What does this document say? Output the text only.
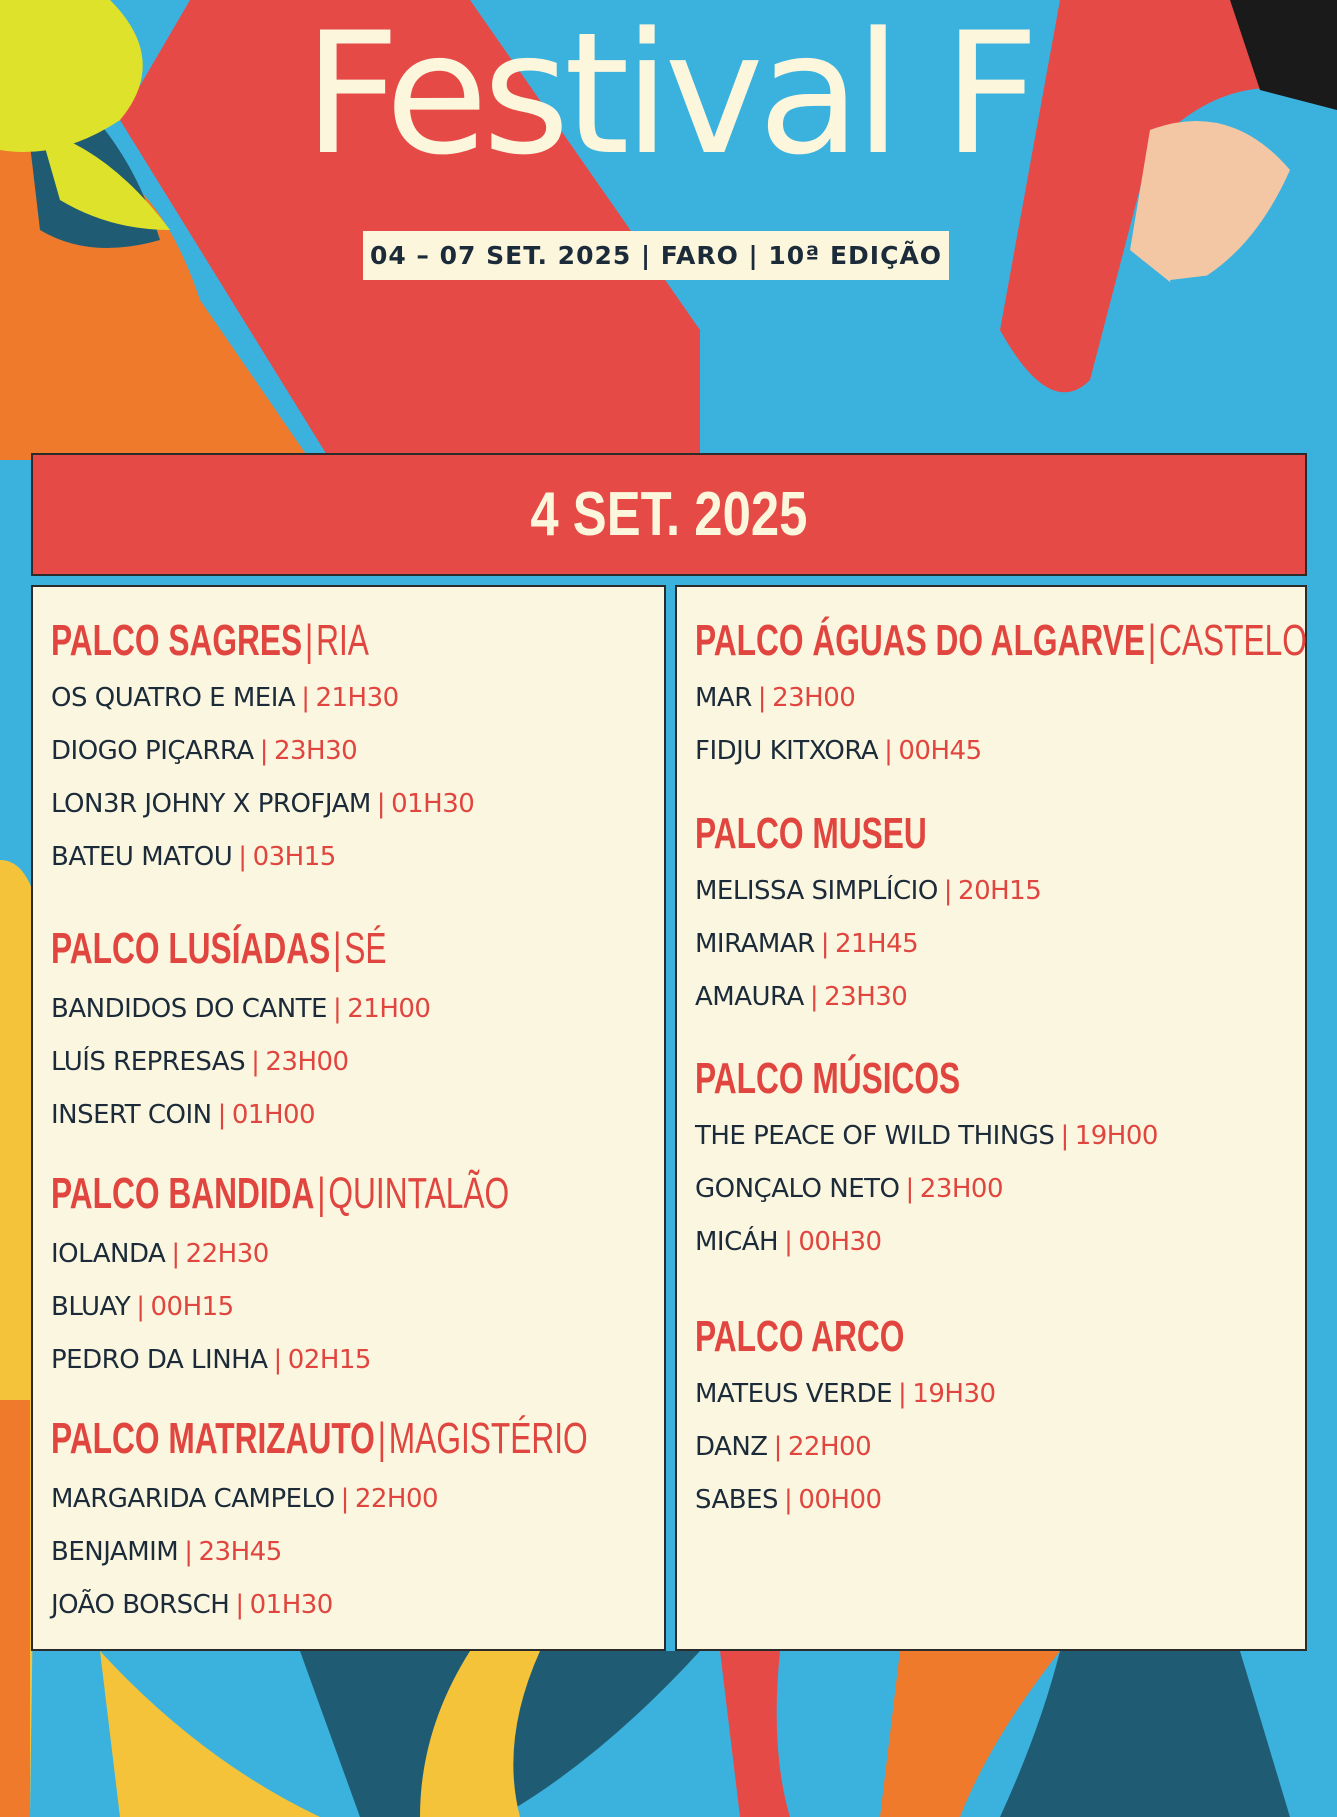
Festival F
04 – 07 SET. 2025 | FARO | 10ª EDIÇÃO
4 SET. 2025
PALCO SAGRES|RIA
OS QUATRO E MEIA | 21H30
DIOGO PIÇARRA | 23H30
LON3R JOHNY X PROFJAM | 01H30
BATEU MATOU | 03H15
PALCO LUSÍADAS|SÉ
BANDIDOS DO CANTE | 21H00
LUÍS REPRESAS | 23H00
INSERT COIN | 01H00
PALCO BANDIDA|QUINTALÃO
IOLANDA | 22H30
BLUAY | 00H15
PEDRO DA LINHA | 02H15
PALCO MATRIZAUTO|MAGISTÉRIO
MARGARIDA CAMPELO | 22H00
BENJAMIM | 23H45
JOÃO BORSCH | 01H30
PALCO ÁGUAS DO ALGARVE|CASTELO
MAR | 23H00
FIDJU KITXORA | 00H45
PALCO MUSEU
MELISSA SIMPLÍCIO | 20H15
MIRAMAR | 21H45
AMAURA | 23H30
PALCO MÚSICOS
THE PEACE OF WILD THINGS | 19H00
GONÇALO NETO | 23H00
MICÁH | 00H30
PALCO ARCO
MATEUS VERDE | 19H30
DANZ | 22H00
SABES | 00H00
